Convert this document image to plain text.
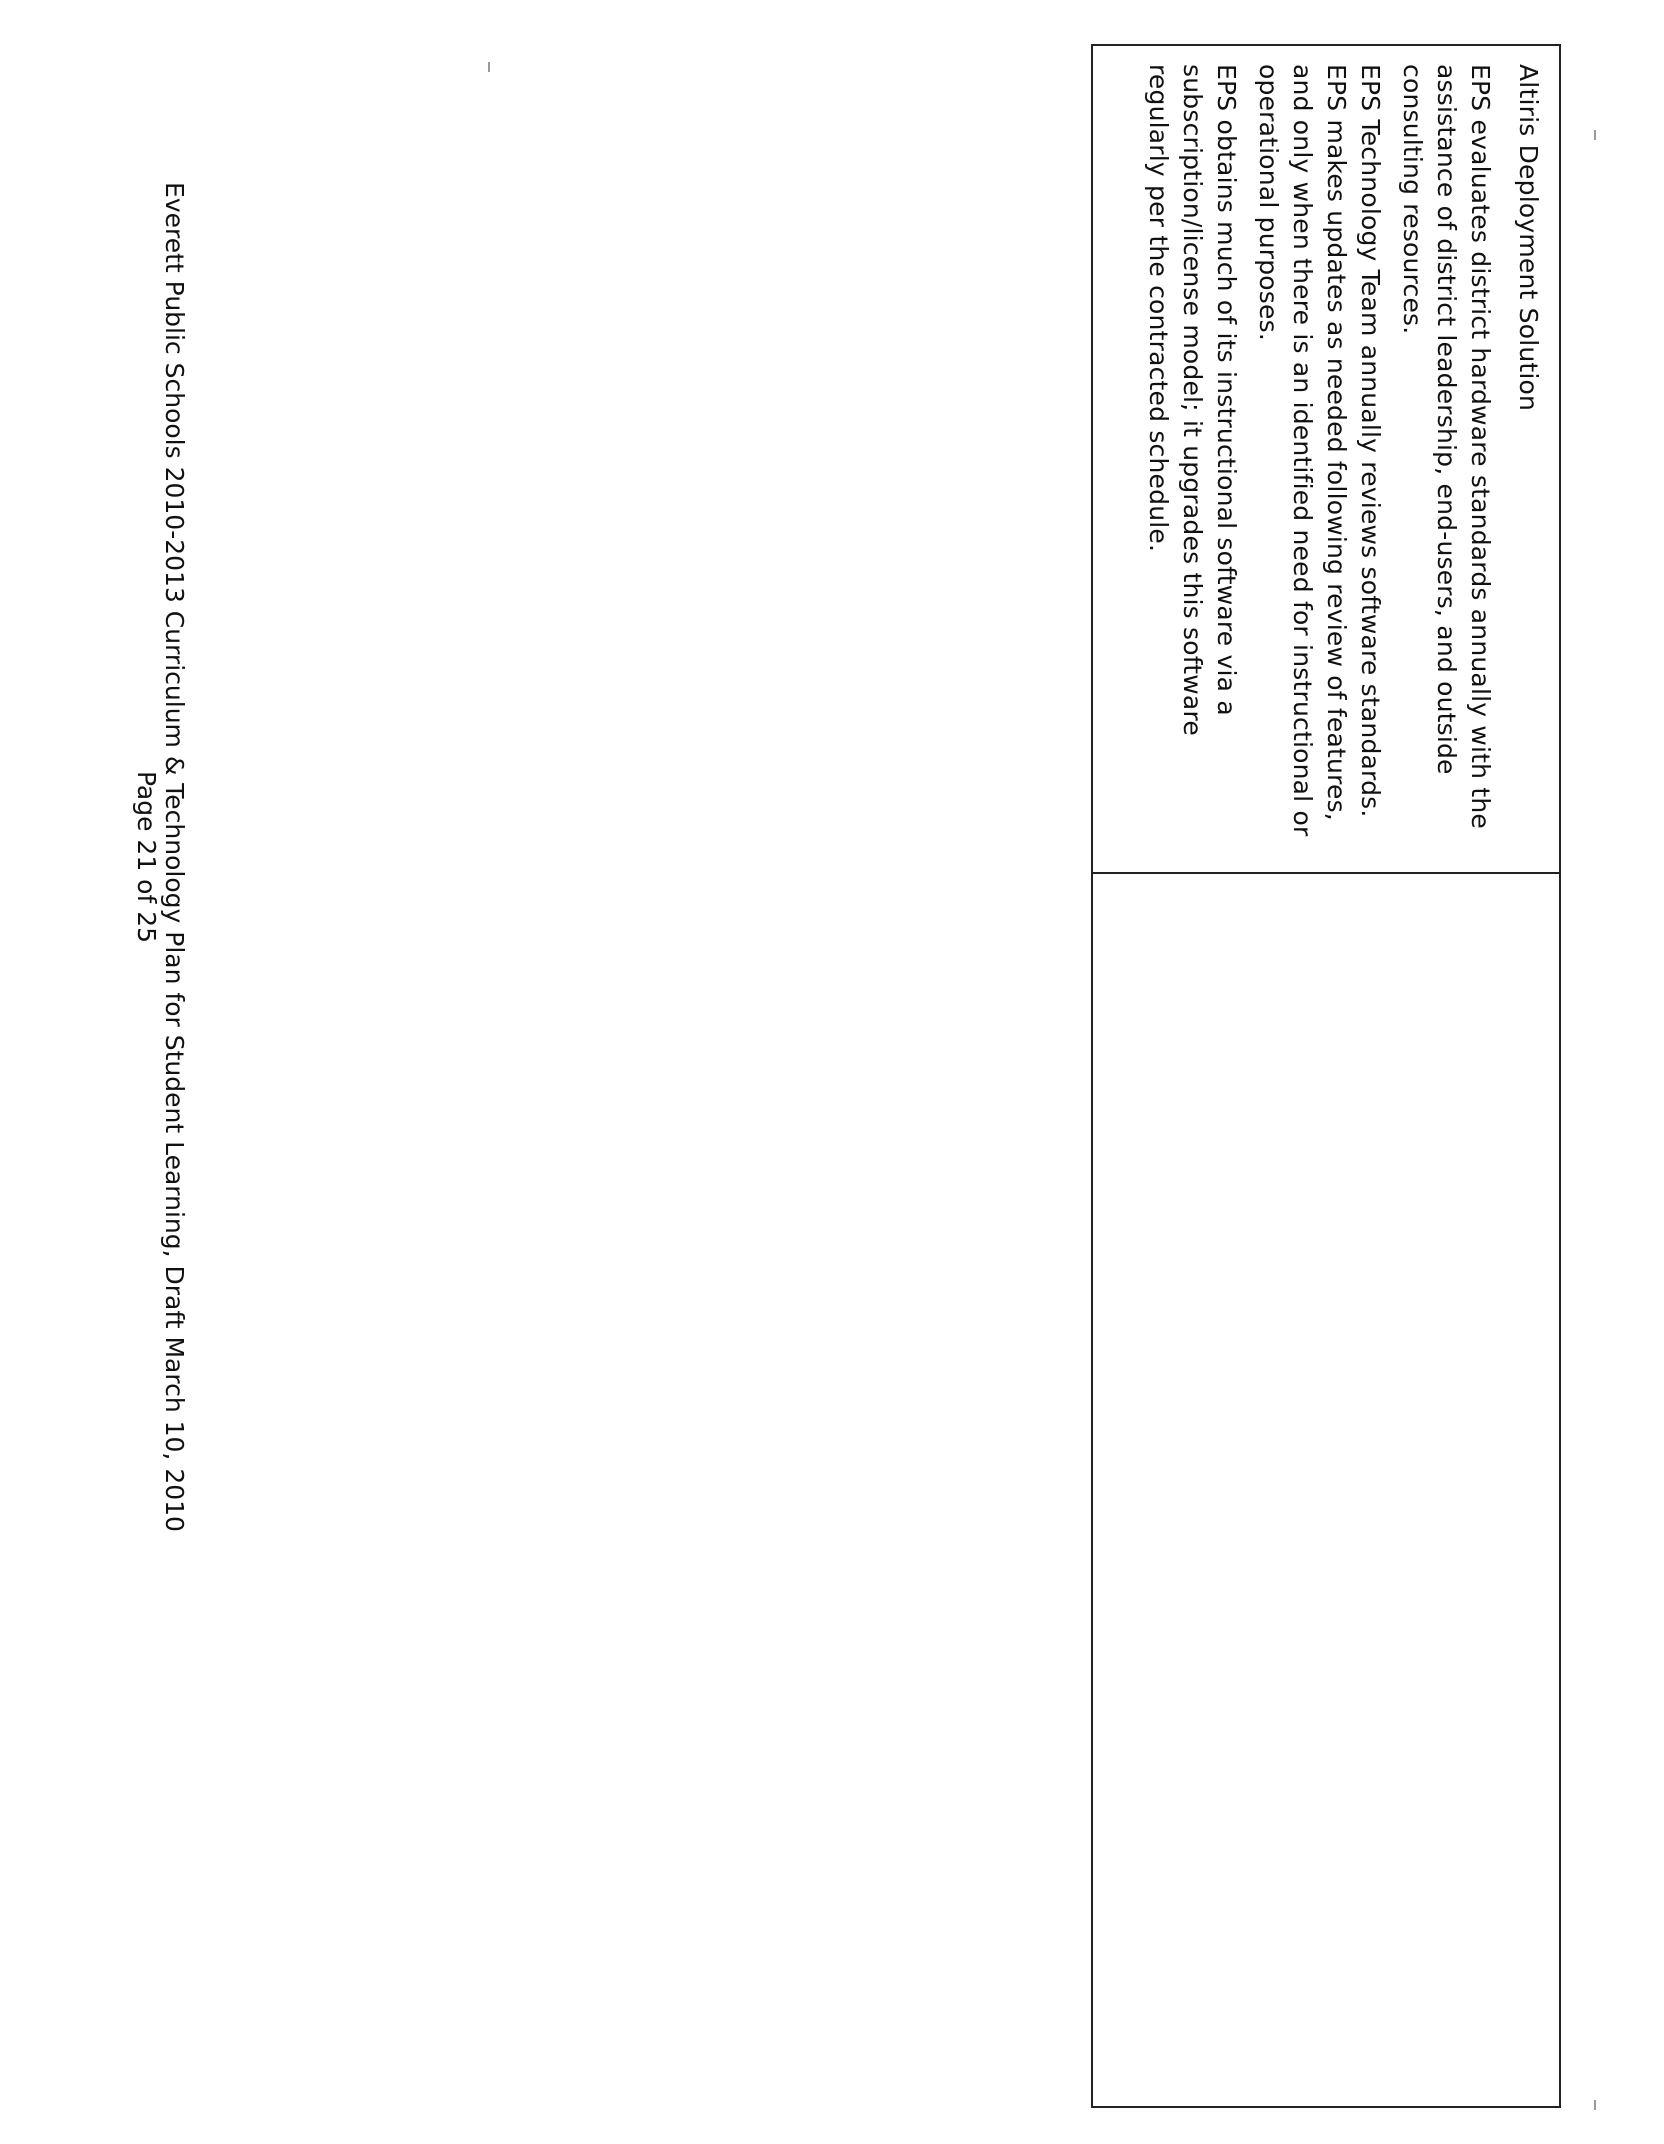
Altiris Deployment Solution

EPS evaluates district hardware standards annually with the assistance of district leadership, end-users, and outside consulting resources.

EPS Technology Team annually reviews software standards. EPS makes updates as needed following review of features, and only when there is an identified need for instructional or operational purposes.

EPS obtains much of its instructional software via a subscription/license model; it upgrades this software regularly per the contracted schedule.

Everett Public Schools 2010-2013 Curriculum & Technology Plan for Student Learning, Draft March 10, 2010
Page 21 of 25
